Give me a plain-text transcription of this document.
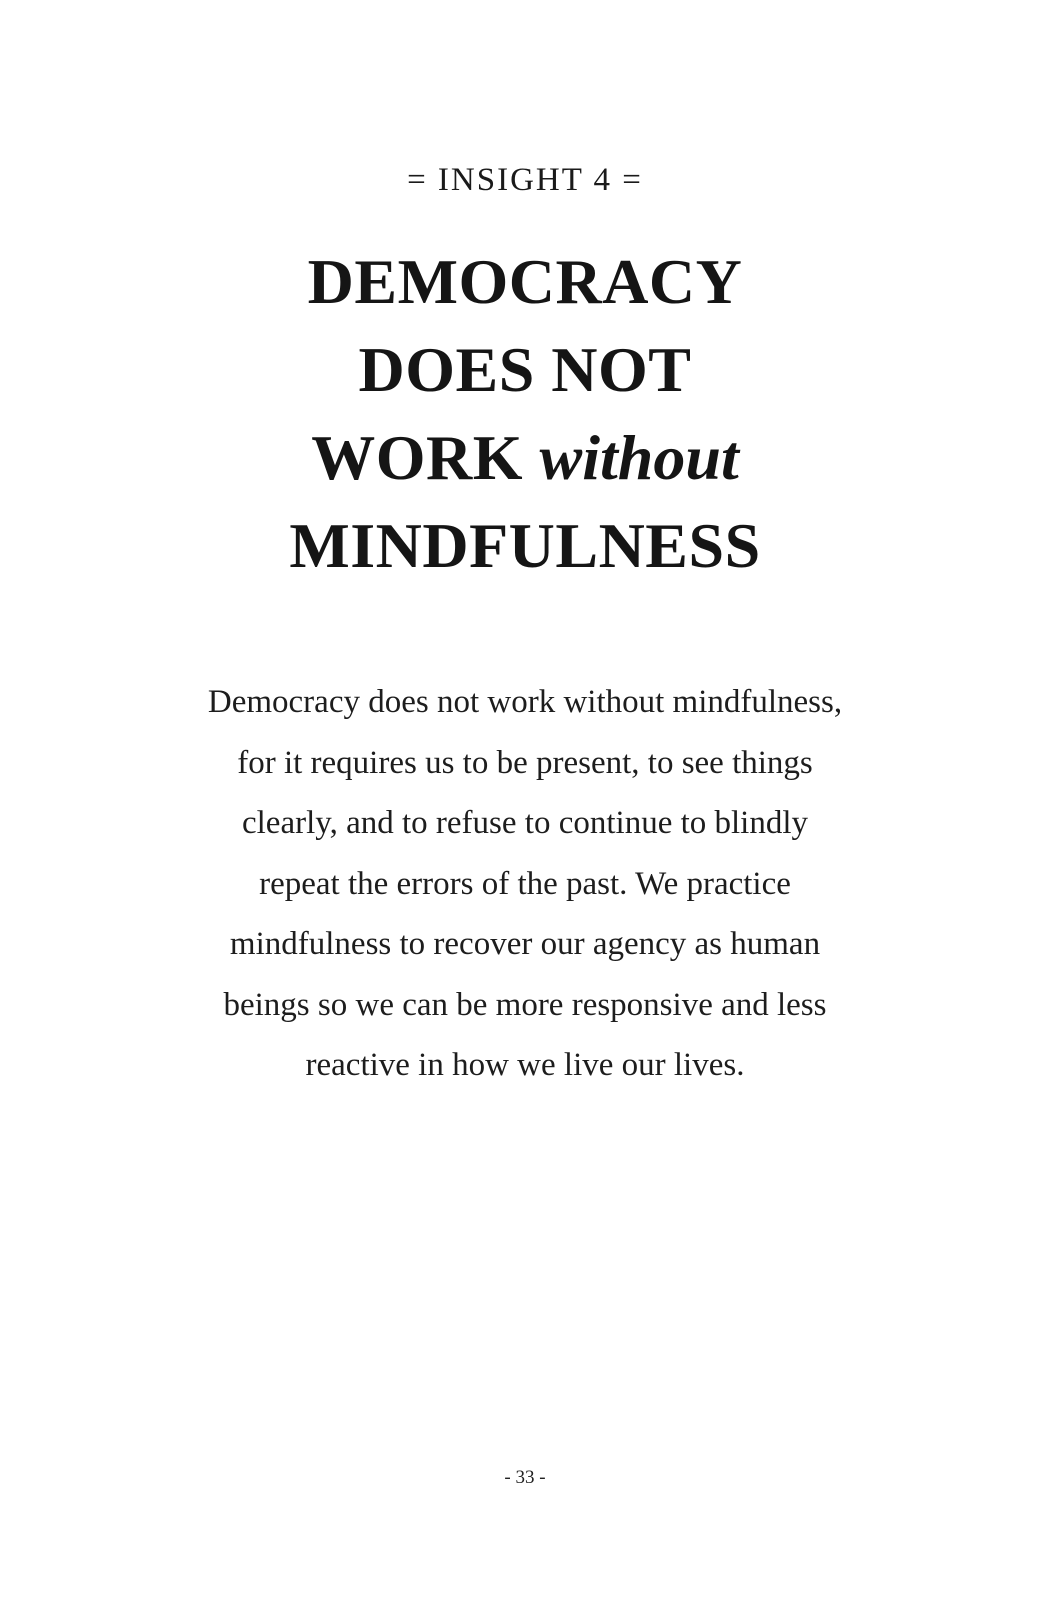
= INSIGHT 4 =
DEMOCRACY
DOES NOT
WORK without
MINDFULNESS
Democracy does not work without mindfulness,
for it requires us to be present, to see things
clearly, and to refuse to continue to blindly
repeat the errors of the past. We practice
mindfulness to recover our agency as human
beings so we can be more responsive and less
reactive in how we live our lives.
- 33 -
